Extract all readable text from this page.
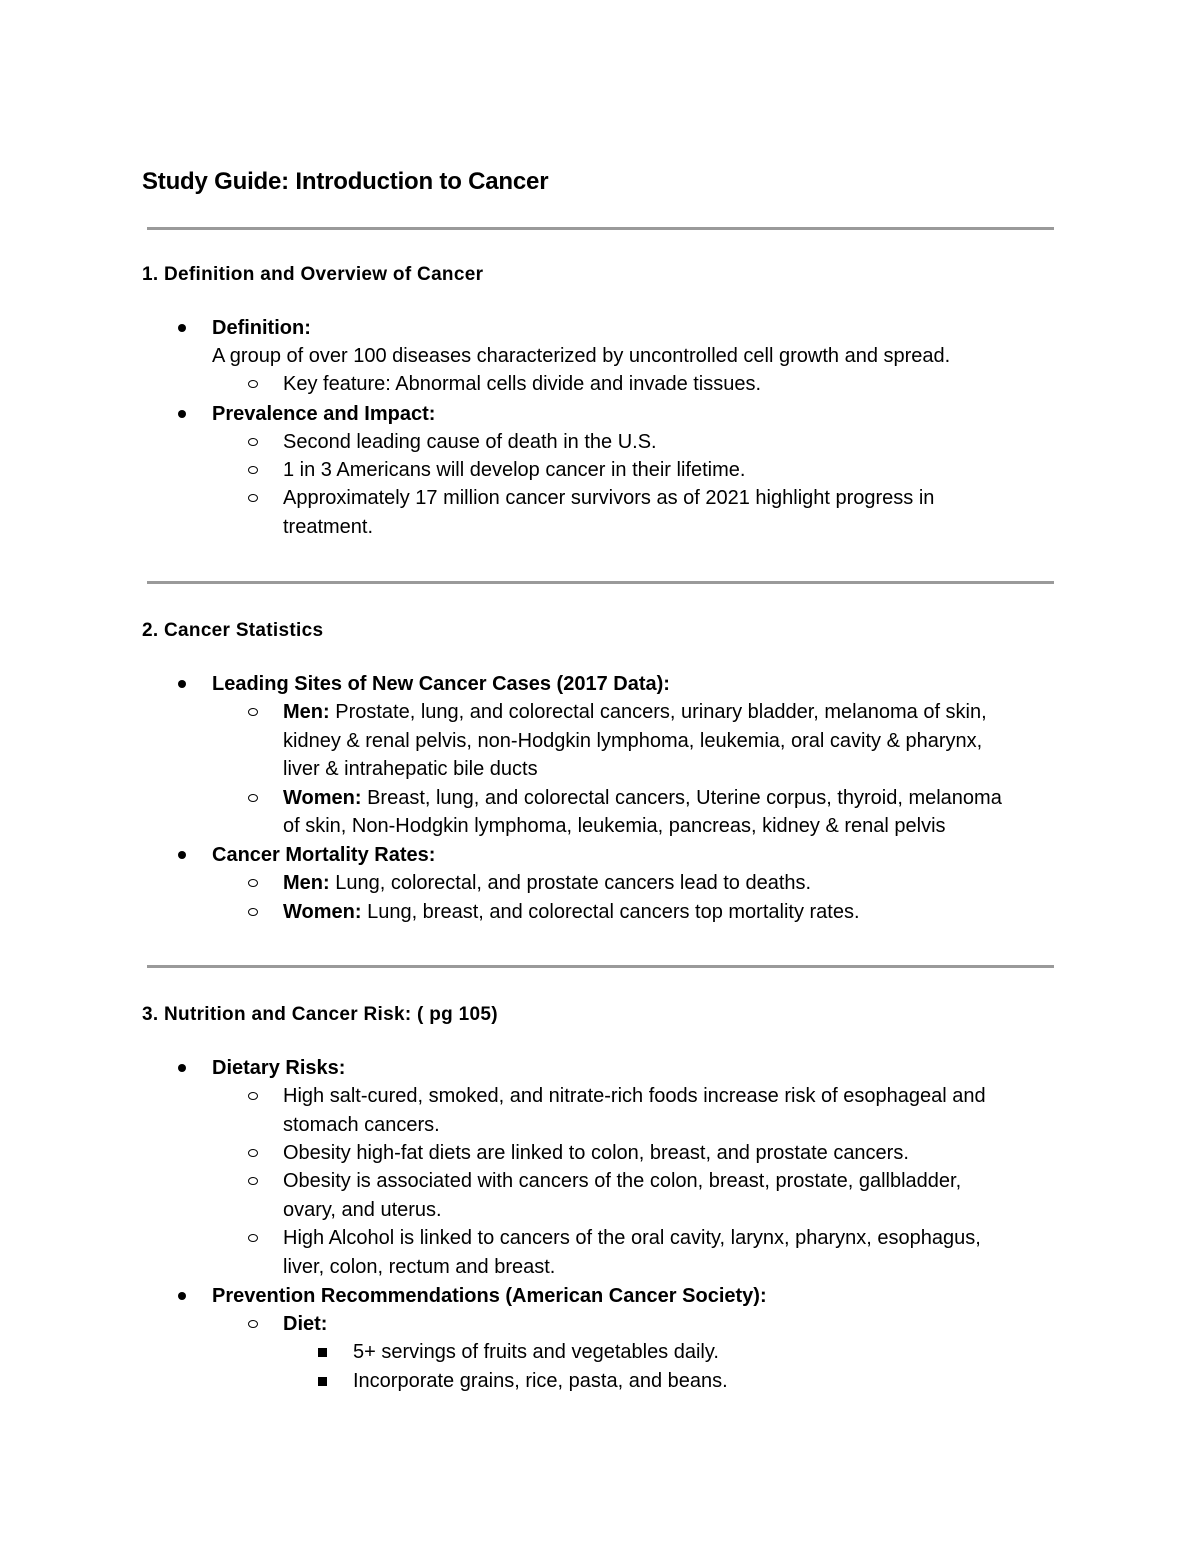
Study Guide: Introduction to Cancer
1. Definition and Overview of Cancer
Definition:
A group of over 100 diseases characterized by uncontrolled cell growth and spread.
Key feature: Abnormal cells divide and invade tissues.
Prevalence and Impact:
Second leading cause of death in the U.S.
1 in 3 Americans will develop cancer in their lifetime.
Approximately 17 million cancer survivors as of 2021 highlight progress in
treatment.
2. Cancer Statistics
Leading Sites of New Cancer Cases (2017 Data):
Men: Prostate, lung, and colorectal cancers, urinary bladder, melanoma of skin,
kidney & renal pelvis, non-Hodgkin lymphoma, leukemia, oral cavity & pharynx,
liver & intrahepatic bile ducts
Women: Breast, lung, and colorectal cancers, Uterine corpus, thyroid, melanoma
of skin, Non-Hodgkin lymphoma, leukemia, pancreas, kidney & renal pelvis
Cancer Mortality Rates:
Men: Lung, colorectal, and prostate cancers lead to deaths.
Women: Lung, breast, and colorectal cancers top mortality rates.
3. Nutrition and Cancer Risk: ( pg 105)
Dietary Risks:
High salt-cured, smoked, and nitrate-rich foods increase risk of esophageal and
stomach cancers.
Obesity high-fat diets are linked to colon, breast, and prostate cancers.
Obesity is associated with cancers of the colon, breast, prostate, gallbladder,
ovary, and uterus.
High Alcohol is linked to cancers of the oral cavity, larynx, pharynx, esophagus,
liver, colon, rectum and breast.
Prevention Recommendations (American Cancer Society):
Diet:
5+ servings of fruits and vegetables daily.
Incorporate grains, rice, pasta, and beans.
